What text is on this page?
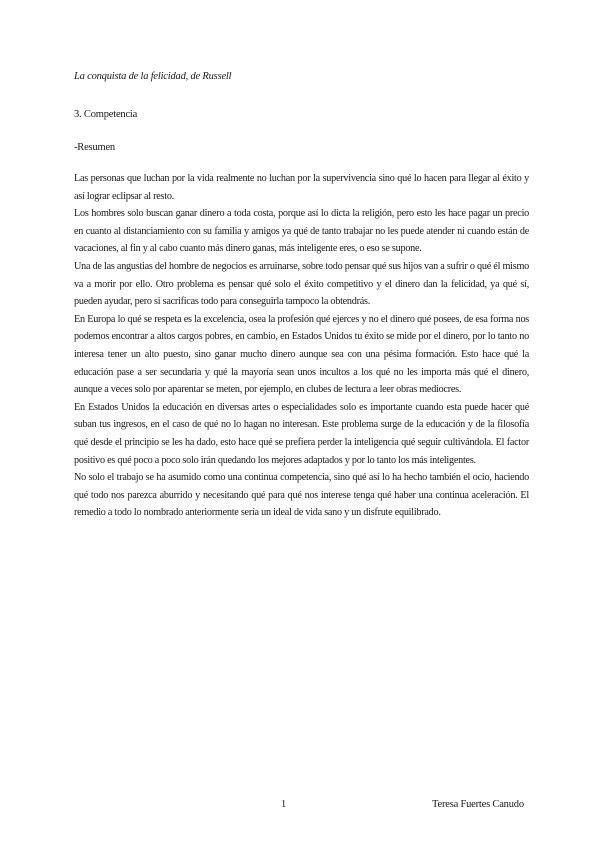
La conquista de la felicidad, de Russell
3. Competencia
-Resumen

Las personas que luchan por la vida realmente no luchan por la supervivencia sino qué lo hacen para llegar al éxito y así lograr eclipsar al resto.

Los hombres solo buscan ganar dinero a toda costa, porque así lo dicta la religión, pero esto les hace pagar un precio en cuanto al distanciamiento con su familia y amigos ya qué de tanto trabajar no les puede atender ni cuando están de vacaciones, al fin y al cabo cuanto más dinero ganas, más inteligente eres, o eso se supone.

Una de las angustias del hombre de negocios es arruinarse, sobre todo pensar qué sus hijos van a sufrir o qué él mismo va a morir por ello. Otro problema es pensar qué solo el éxito competitivo y el dinero dan la felicidad, ya qué sí, pueden ayudar, pero si sacrificas todo para conseguirla tampoco la obtendrás.

En Europa lo qué se respeta es la excelencia, osea la profesión qué ejerces y no el dinero qué posees, de esa forma nos podemos encontrar a altos cargos pobres, en cambio, en Estados Unidos tu éxito se mide por el dinero, por lo tanto no interesa tener un alto puesto, sino ganar mucho dinero aunque sea con una pésima formación. Esto hace qué la educación pase a ser secundaria y qué la mayoría sean unos incultos a los qué no les importa más qué el dinero, aunque a veces solo por aparentar se meten, por ejemplo, en clubes de lectura a leer obras mediocres.

En Estados Unidos la educación en diversas artes o especialidades solo es importante cuando esta puede hacer qué suban tus ingresos, en el caso de qué no lo hagan no interesan. Este problema surge de la educación y de la filosofía qué desde el principio se les ha dado, esto hace qué se prefiera perder la inteligencia qué seguir cultivándola. El factor positivo es qué poco a poco solo irán quedando los mejores adaptados y por lo tanto los más inteligentes.

No solo el trabajo se ha asumido como una continua competencia, sino qué así lo ha hecho también el ocio, haciendo qué todo nos parezca aburrido y necesitando qué para qué nos interese tenga qué haber una continua aceleración. El remedio a todo lo nombrado anteriormente sería un ideal de vida sano y un disfrute equilibrado.

1	Teresa Fuertes Canudo
